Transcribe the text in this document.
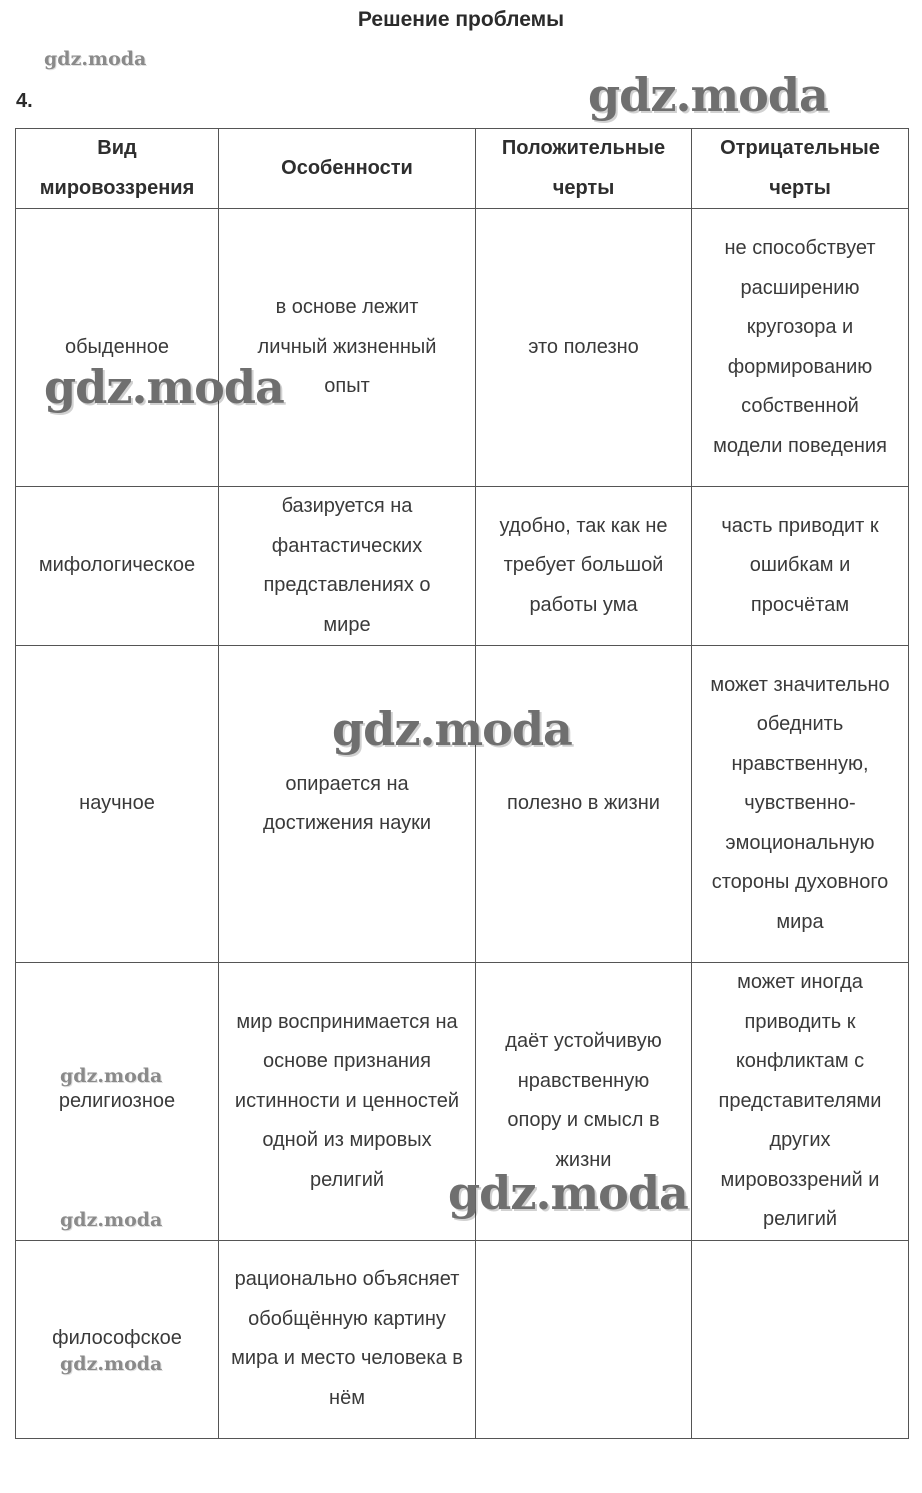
Решение проблемы
4.
Вид мировоззрения	Особенности	Положительные черты	Отрицательные черты
обыденное	в основе лежит личный жизненный опыт	это полезно	не способствует расширению кругозора и формированию собственной модели поведения
мифологическое	базируется на фантастических представлениях о мире	удобно, так как не требует большой работы ума	часть приводит к ошибкам и просчётам
научное	опирается на достижения науки	полезно в жизни	может значительно обеднить нравственную, чувственно-эмоциональную стороны духовного мира
религиозное	мир воспринимается на основе признания истинности и ценностей одной из мировых религий	даёт устойчивую нравственную опору и смысл в жизни	может иногда приводить к конфликтам с представителями других мировоззрений и религий
философское	рационально объясняет обобщённую картину мира и место человека в нём		
gdz.moda
gdz.moda
gdz.moda
gdz.moda
gdz.moda
gdz.moda
gdz.moda
gdz.moda
